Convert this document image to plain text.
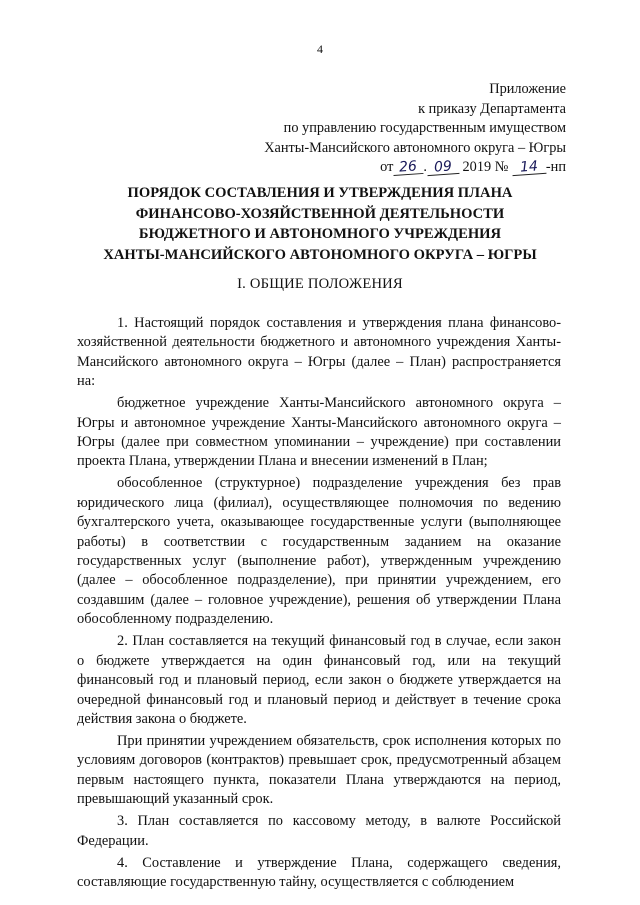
4
Приложение
к приказу Департамента
по управлению государственным имуществом
Ханты-Мансийского автономного округа – Югры
от 26 . 09 2019 № 14 -нп
ПОРЯДОК СОСТАВЛЕНИЯ И УТВЕРЖДЕНИЯ ПЛАНА
ФИНАНСОВО-ХОЗЯЙСТВЕННОЙ ДЕЯТЕЛЬНОСТИ
БЮДЖЕТНОГО И АВТОНОМНОГО УЧРЕЖДЕНИЯ
ХАНТЫ-МАНСИЙСКОГО АВТОНОМНОГО ОКРУГА – ЮГРЫ
I. ОБЩИЕ ПОЛОЖЕНИЯ

1. Настоящий порядок составления и утверждения плана финансово-хозяйственной деятельности бюджетного и автономного учреждения Ханты-Мансийского автономного округа – Югры (далее – План) распространяется на:

бюджетное учреждение Ханты-Мансийского автономного округа – Югры и автономное учреждение Ханты-Мансийского автономного округа – Югры (далее при совместном упоминании – учреждение) при составлении проекта Плана, утверждении Плана и внесении изменений в План;

обособленное (структурное) подразделение учреждения без прав юридического лица (филиал), осуществляющее полномочия по ведению бухгалтерского учета, оказывающее государственные услуги (выполняющее работы) в соответствии с государственным заданием на оказание государственных услуг (выполнение работ), утвержденным учреждению (далее – обособленное подразделение), при принятии учреждением, его создавшим (далее – головное учреждение), решения об утверждении Плана обособленному подразделению.

2. План составляется на текущий финансовый год в случае, если закон о бюджете утверждается на один финансовый год, или на текущий финансовый год и плановый период, если закон о бюджете утверждается на очередной финансовый год и плановый период и действует в течение срока действия закона о бюджете.

При принятии учреждением обязательств, срок исполнения которых по условиям договоров (контрактов) превышает срок, предусмотренный абзацем первым настоящего пункта, показатели Плана утверждаются на период, превышающий указанный срок.

3. План составляется по кассовому методу, в валюте Российской Федерации.

4. Составление и утверждение Плана, содержащего сведения, составляющие государственную тайну, осуществляется с соблюдением
